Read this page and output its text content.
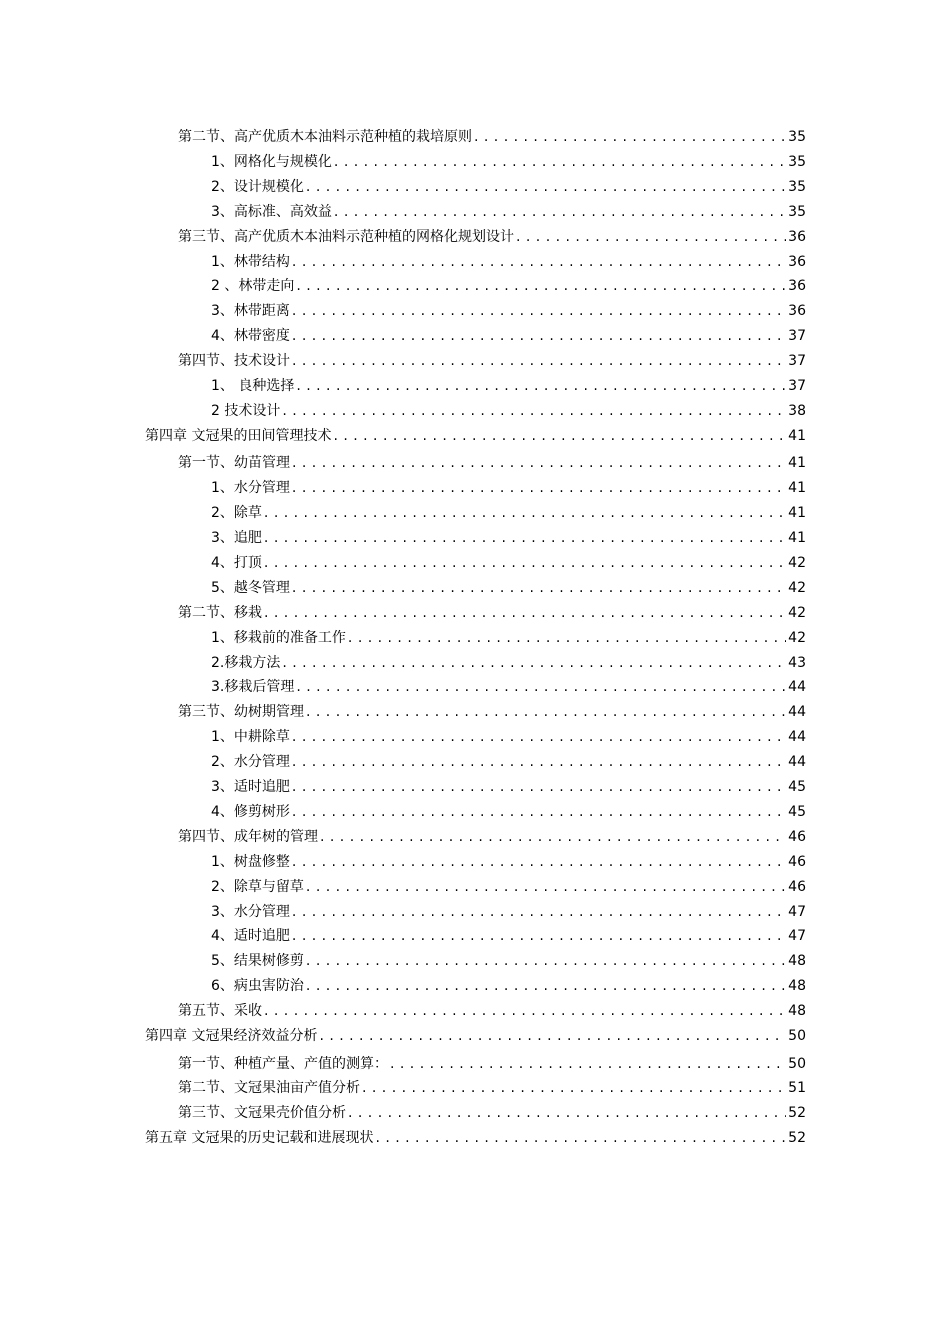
第二节、高产优质木本油料示范种植的栽培原则 . . .	35
1、网格化与规模化 . . .	35
2、设计规模化 . . .	35
3、高标准、高效益 . . .	35
第三节、高产优质木本油料示范种植的网格化规划设计 . . .	36
1、林带结构 . . .	36
2 、林带走向 . . .	36
3、林带距离 . . .	36
4、林带密度 . . .	37
第四节、技术设计 . . .	37
1、 良种选择 . . .	37
2 技术设计 . . .	38
第四章 文冠果的田间管理技术 . . .	41
第一节、幼苗管理 . . .	41
1、水分管理 . . .	41
2、除草 . . .	41
3、追肥 . . .	41
4、打顶 . . .	42
5、越冬管理 . . .	42
第二节、移栽 . . .	42
1、移栽前的准备工作 . . .	42
2.移栽方法 . . .	43
3.移栽后管理 . . .	44
第三节、幼树期管理 . . .	44
1、中耕除草 . . .	44
2、水分管理 . . .	44
3、适时追肥 . . .	45
4、修剪树形 . . .	45
第四节、成年树的管理 . . .	46
1、树盘修整 . . .	46
2、除草与留草 . . .	46
3、水分管理 . . .	47
4、适时追肥 . . .	47
5、结果树修剪 . . .	48
6、病虫害防治 . . .	48
第五节、采收 . . .	48
第四章 文冠果经济效益分析 . . .	50
第一节、种植产量、产值的测算： . . .	50
第二节、文冠果油亩产值分析 . . .	51
第三节、文冠果壳价值分析 . . .	52
第五章 文冠果的历史记载和进展现状 . . .	52
